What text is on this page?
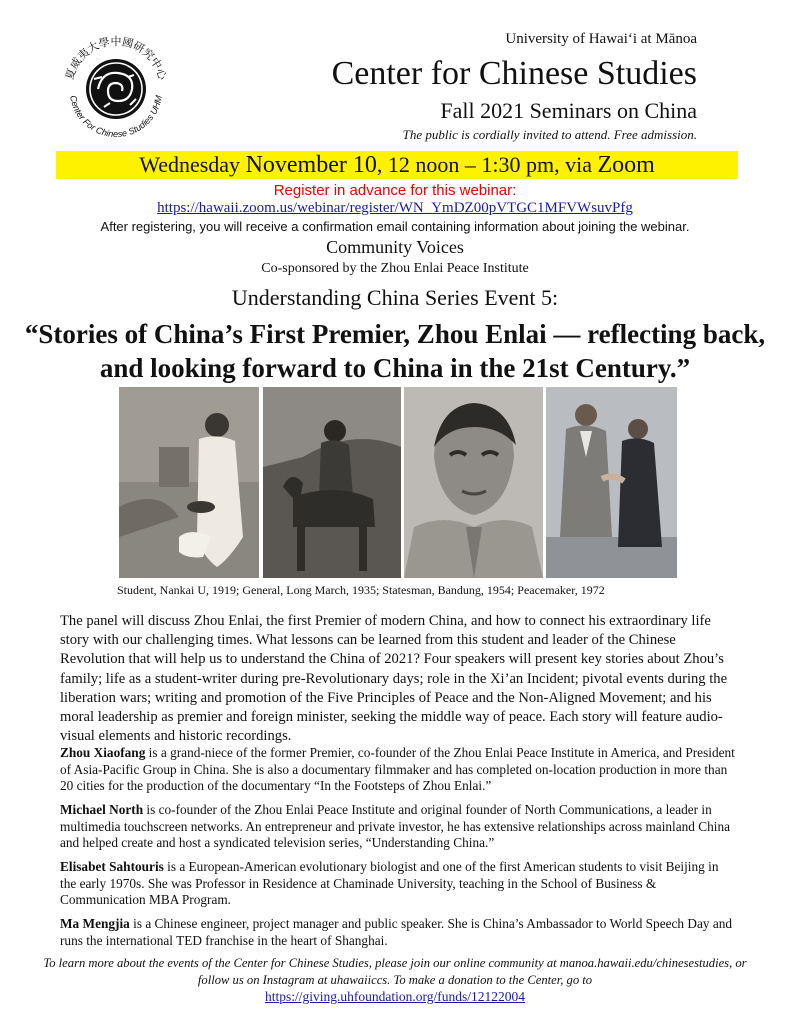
夏威夷大學中國研究中心
Center For Chinese Studies UHM
University of Hawaiʻi at Mānoa
Center for Chinese Studies
Fall 2021 Seminars on China
The public is cordially invited to attend. Free admission.
Wednesday November 10, 12 noon – 1:30 pm, via Zoom
Register in advance for this webinar:
https://hawaii.zoom.us/webinar/register/WN_YmDZ00pVTGC1MFVWsuvPfg
After registering, you will receive a confirmation email containing information about joining the webinar.
Community Voices
Co-sponsored by the Zhou Enlai Peace Institute
Understanding China Series Event 5:
“Stories of China’s First Premier, Zhou Enlai — reflecting back, and looking forward to China in the 21st Century.”
Student, Nankai U, 1919; General, Long March, 1935; Statesman, Bandung, 1954; Peacemaker, 1972
The panel will discuss Zhou Enlai, the first Premier of modern China, and how to connect his extraordinary life story with our challenging times. What lessons can be learned from this student and leader of the Chinese Revolution that will help us to understand the China of 2021? Four speakers will present key stories about Zhou’s family; life as a student-writer during pre-Revolutionary days; role in the Xi’an Incident; pivotal events during the liberation wars; writing and promotion of the Five Principles of Peace and the Non-Aligned Movement; and his moral leadership as premier and foreign minister, seeking the middle way of peace. Each story will feature audio-visual elements and historic recordings.
Zhou Xiaofang is a grand-niece of the former Premier, co-founder of the Zhou Enlai Peace Institute in America, and President of Asia-Pacific Group in China. She is also a documentary filmmaker and has completed on-location production in more than 20 cities for the production of the documentary “In the Footsteps of Zhou Enlai.”
Michael North is co-founder of the Zhou Enlai Peace Institute and original founder of North Communications, a leader in multimedia touchscreen networks. An entrepreneur and private investor, he has extensive relationships across mainland China and helped create and host a syndicated television series, “Understanding China.”
Elisabet Sahtouris is a European-American evolutionary biologist and one of the first American students to visit Beijing in the early 1970s. She was Professor in Residence at Chaminade University, teaching in the School of Business & Communication MBA Program.
Ma Mengjia is a Chinese engineer, project manager and public speaker. She is China’s Ambassador to World Speech Day and runs the international TED franchise in the heart of Shanghai.
To learn more about the events of the Center for Chinese Studies, please join our online community at manoa.hawaii.edu/chinesestudies, or follow us on Instagram at uhawaiiccs. To make a donation to the Center, go to
https://giving.uhfoundation.org/funds/12122004
